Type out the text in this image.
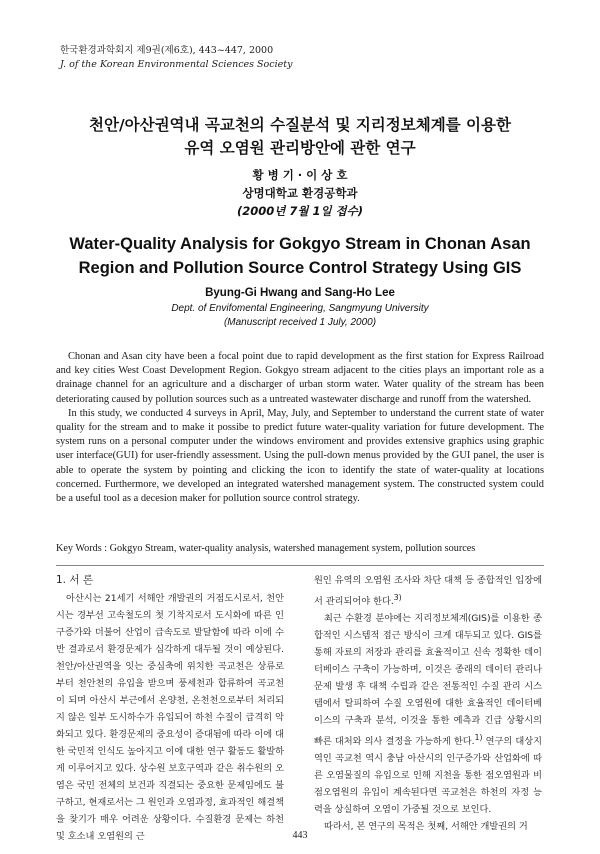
한국환경과학회지 제9권(제6호), 443~447, 2000
J. of the Korean Environmental Sciences Society
천안/아산권역내 곡교천의 수질분석 및 지리정보체계를 이용한
유역 오염원 관리방안에 관한 연구
황 병 기 · 이 상 호
상명대학교 환경공학과
(2000년 7월 1일 접수)
Water-Quality Analysis for Gokgyo Stream in Chonan Asan
Region and Pollution Source Control Strategy Using GIS
Byung-Gi Hwang and Sang-Ho Lee
Dept. of Envifomental Engineering, Sangmyung University
(Manuscript received 1 July, 2000)

Chonan and Asan city have been a focal point due to rapid development as the first station for Express Railroad and key cities West Coast Development Region. Gokgyo stream adjacent to the cities plays an important role as a drainage channel for an agriculture and a discharger of urban storm water. Water quality of the stream has been deteriorating caused by pollution sources such as a untreated wastewater discharge and runoff from the watershed.

In this study, we conducted 4 surveys in April, May, July, and September to understand the current state of water quality for the stream and to make it possibe to predict future water-quality variation for future development. The system runs on a personal computer under the windows enviroment and provides extensive graphics using graphic user interface(GUI) for user-friendly assessment. Using the pull-down menus provided by the GUI panel, the user is able to operate the system by pointing and clicking the icon to identify the state of water-quality at locations concerned. Furthermore, we developed an integrated watershed management system. The constructed system could be a useful tool as a decesion maker for pollution source control strategy.

Key Words : Gokgyo Stream, water-quality analysis, watershed management system, pollution sources

1. 서 론

아산시는 21세기 서해안 개발권의 거점도시로서, 천안시는 경부선 고속철도의 첫 기착지로서 도시화에 따른 인구증가와 더불어 산업이 급속도로 발달함에 따라 이에 수반 결과로서 환경문제가 심각하게 대두될 것이 예상된다. 천안/아산권역을 잇는 중심축에 위치한 곡교천은 상류로부터 천안천의 유입을 받으며 풍세천과 합류하여 곡교천이 되며 아산시 부근에서 온양천, 온천천으로부터 처리되지 않은 일부 도시하수가 유입되어 하천 수질이 급격히 악화되고 있다. 환경문제의 중요성이 증대됨에 따라 이에 대한 국민적 인식도 높아지고 이에 대한 연구 활동도 활발하게 이루어지고 있다. 상수원 보호구역과 같은 취수원의 오염은 국민 전체의 보건과 직결되는 중요한 문제임에도 불구하고, 현재로서는 그 원인과 오염과정, 효과적인 해결책을 찾기가 매우 어려운 상황이다. 수질환경 문제는 하천 및 호소내 오염원의 근

원인 유역의 오염원 조사와 차단 대책 등 종합적인 입장에서 관리되어야 한다.$^{3)}$

최근 수환경 분야에는 지리정보체계(GIS)를 이용한 종합적인 시스템적 접근 방식이 크게 대두되고 있다. GIS를 통해 자료의 저장과 관리를 효율적이고 신속 정확한 데이터베이스 구축이 가능하며, 이것은 종래의 데이터 관리나 문제 발생 후 대책 수립과 같은 전통적인 수질 관리 시스템에서 탈피하여 수질 오염원에 대한 효율적인 데이터베이스의 구축과 분석, 이것을 통한 예측과 긴급 상황시의 빠른 대처와 의사 결정을 가능하게 한다.$^{1)}$ 연구의 대상지역인 곡교천 역시 충남 아산시의 인구증가와 산업화에 따른 오염물질의 유입으로 인해 지천을 통한 점오염원과 비점오염원의 유입이 계속된다면 곡교천은 하천의 자정 능력을 상실하여 오염이 가중될 것으로 보인다.

따라서, 본 연구의 목적은 첫째, 서해안 개발권의 거

443
